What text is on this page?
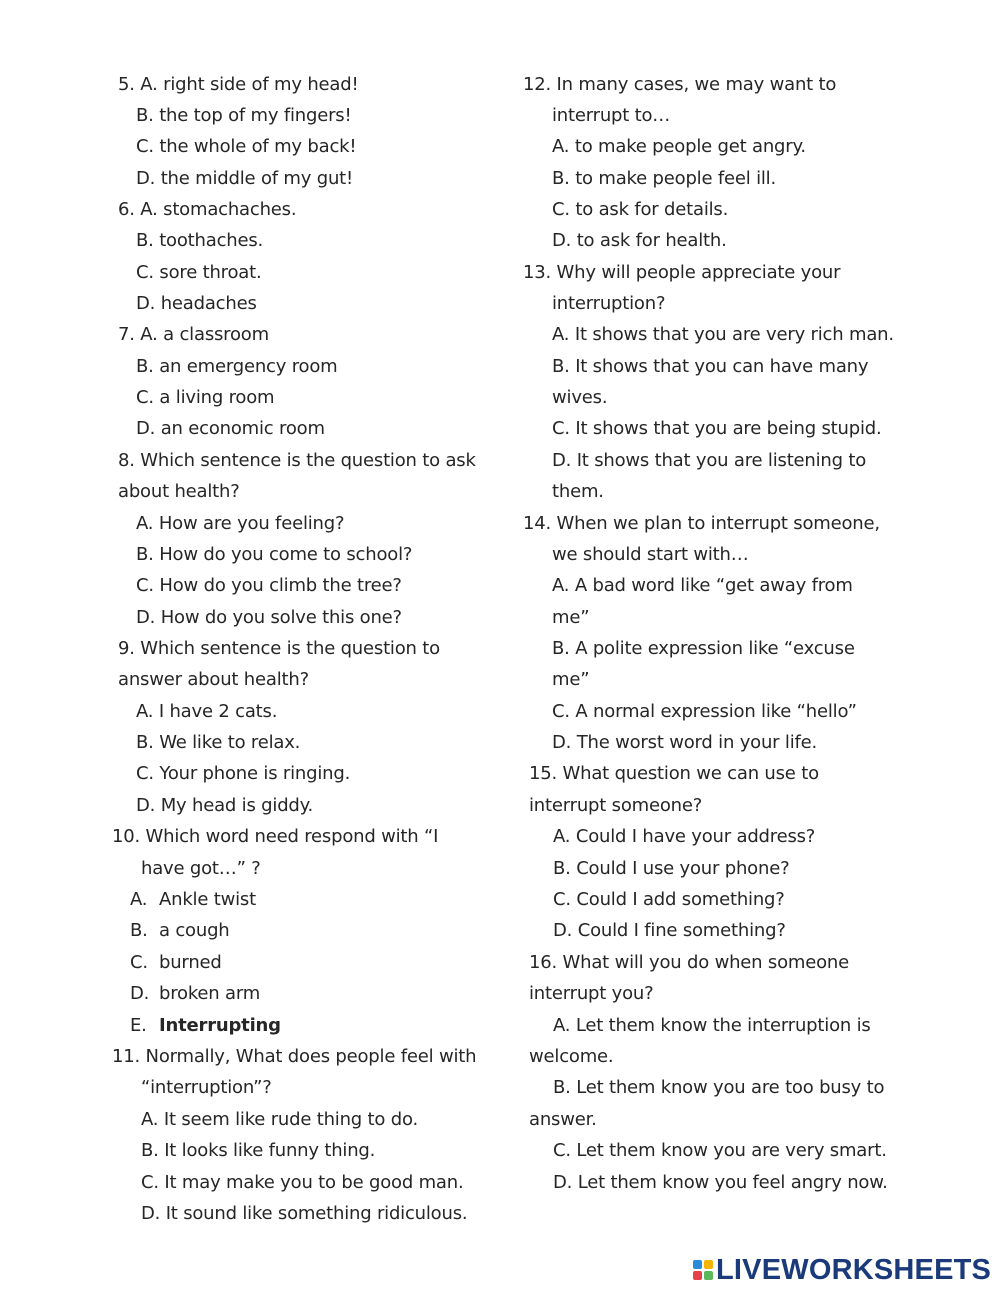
5. A. right side of my head!
B. the top of my fingers!
C. the whole of my back!
D. the middle of my gut!
6. A. stomachaches.
B. toothaches.
C. sore throat.
D. headaches
7. A. a classroom
B. an emergency room
C. a living room
D. an economic room
8. Which sentence is the question to ask
about health?
A. How are you feeling?
B. How do you come to school?
C. How do you climb the tree?
D. How do you solve this one?
9. Which sentence is the question to
answer about health?
A. I have 2 cats.
B. We like to relax.
C. Your phone is ringing.
D. My head is giddy.
10. Which word need respond with “I
have got…” ?
A. Ankle twist
B. a cough
C. burned
D. broken arm
E. Interrupting
11. Normally, What does people feel with
“interruption”?
A. It seem like rude thing to do.
B. It looks like funny thing.
C. It may make you to be good man.
D. It sound like something ridiculous.
12. In many cases, we may want to
interrupt to…
A. to make people get angry.
B. to make people feel ill.
C. to ask for details.
D. to ask for health.
13. Why will people appreciate your
interruption?
A. It shows that you are very rich man.
B. It shows that you can have many
wives.
C. It shows that you are being stupid.
D. It shows that you are listening to
them.
14. When we plan to interrupt someone,
we should start with…
A. A bad word like “get away from
me”
B. A polite expression like “excuse
me”
C. A normal expression like “hello”
D. The worst word in your life.
15. What question we can use to
interrupt someone?
A. Could I have your address?
B. Could I use your phone?
C. Could I add something?
D. Could I fine something?
16. What will you do when someone
interrupt you?
A. Let them know the interruption is
welcome.
B. Let them know you are too busy to
answer.
C. Let them know you are very smart.
D. Let them know you feel angry now.
LIVEWORKSHEETS
